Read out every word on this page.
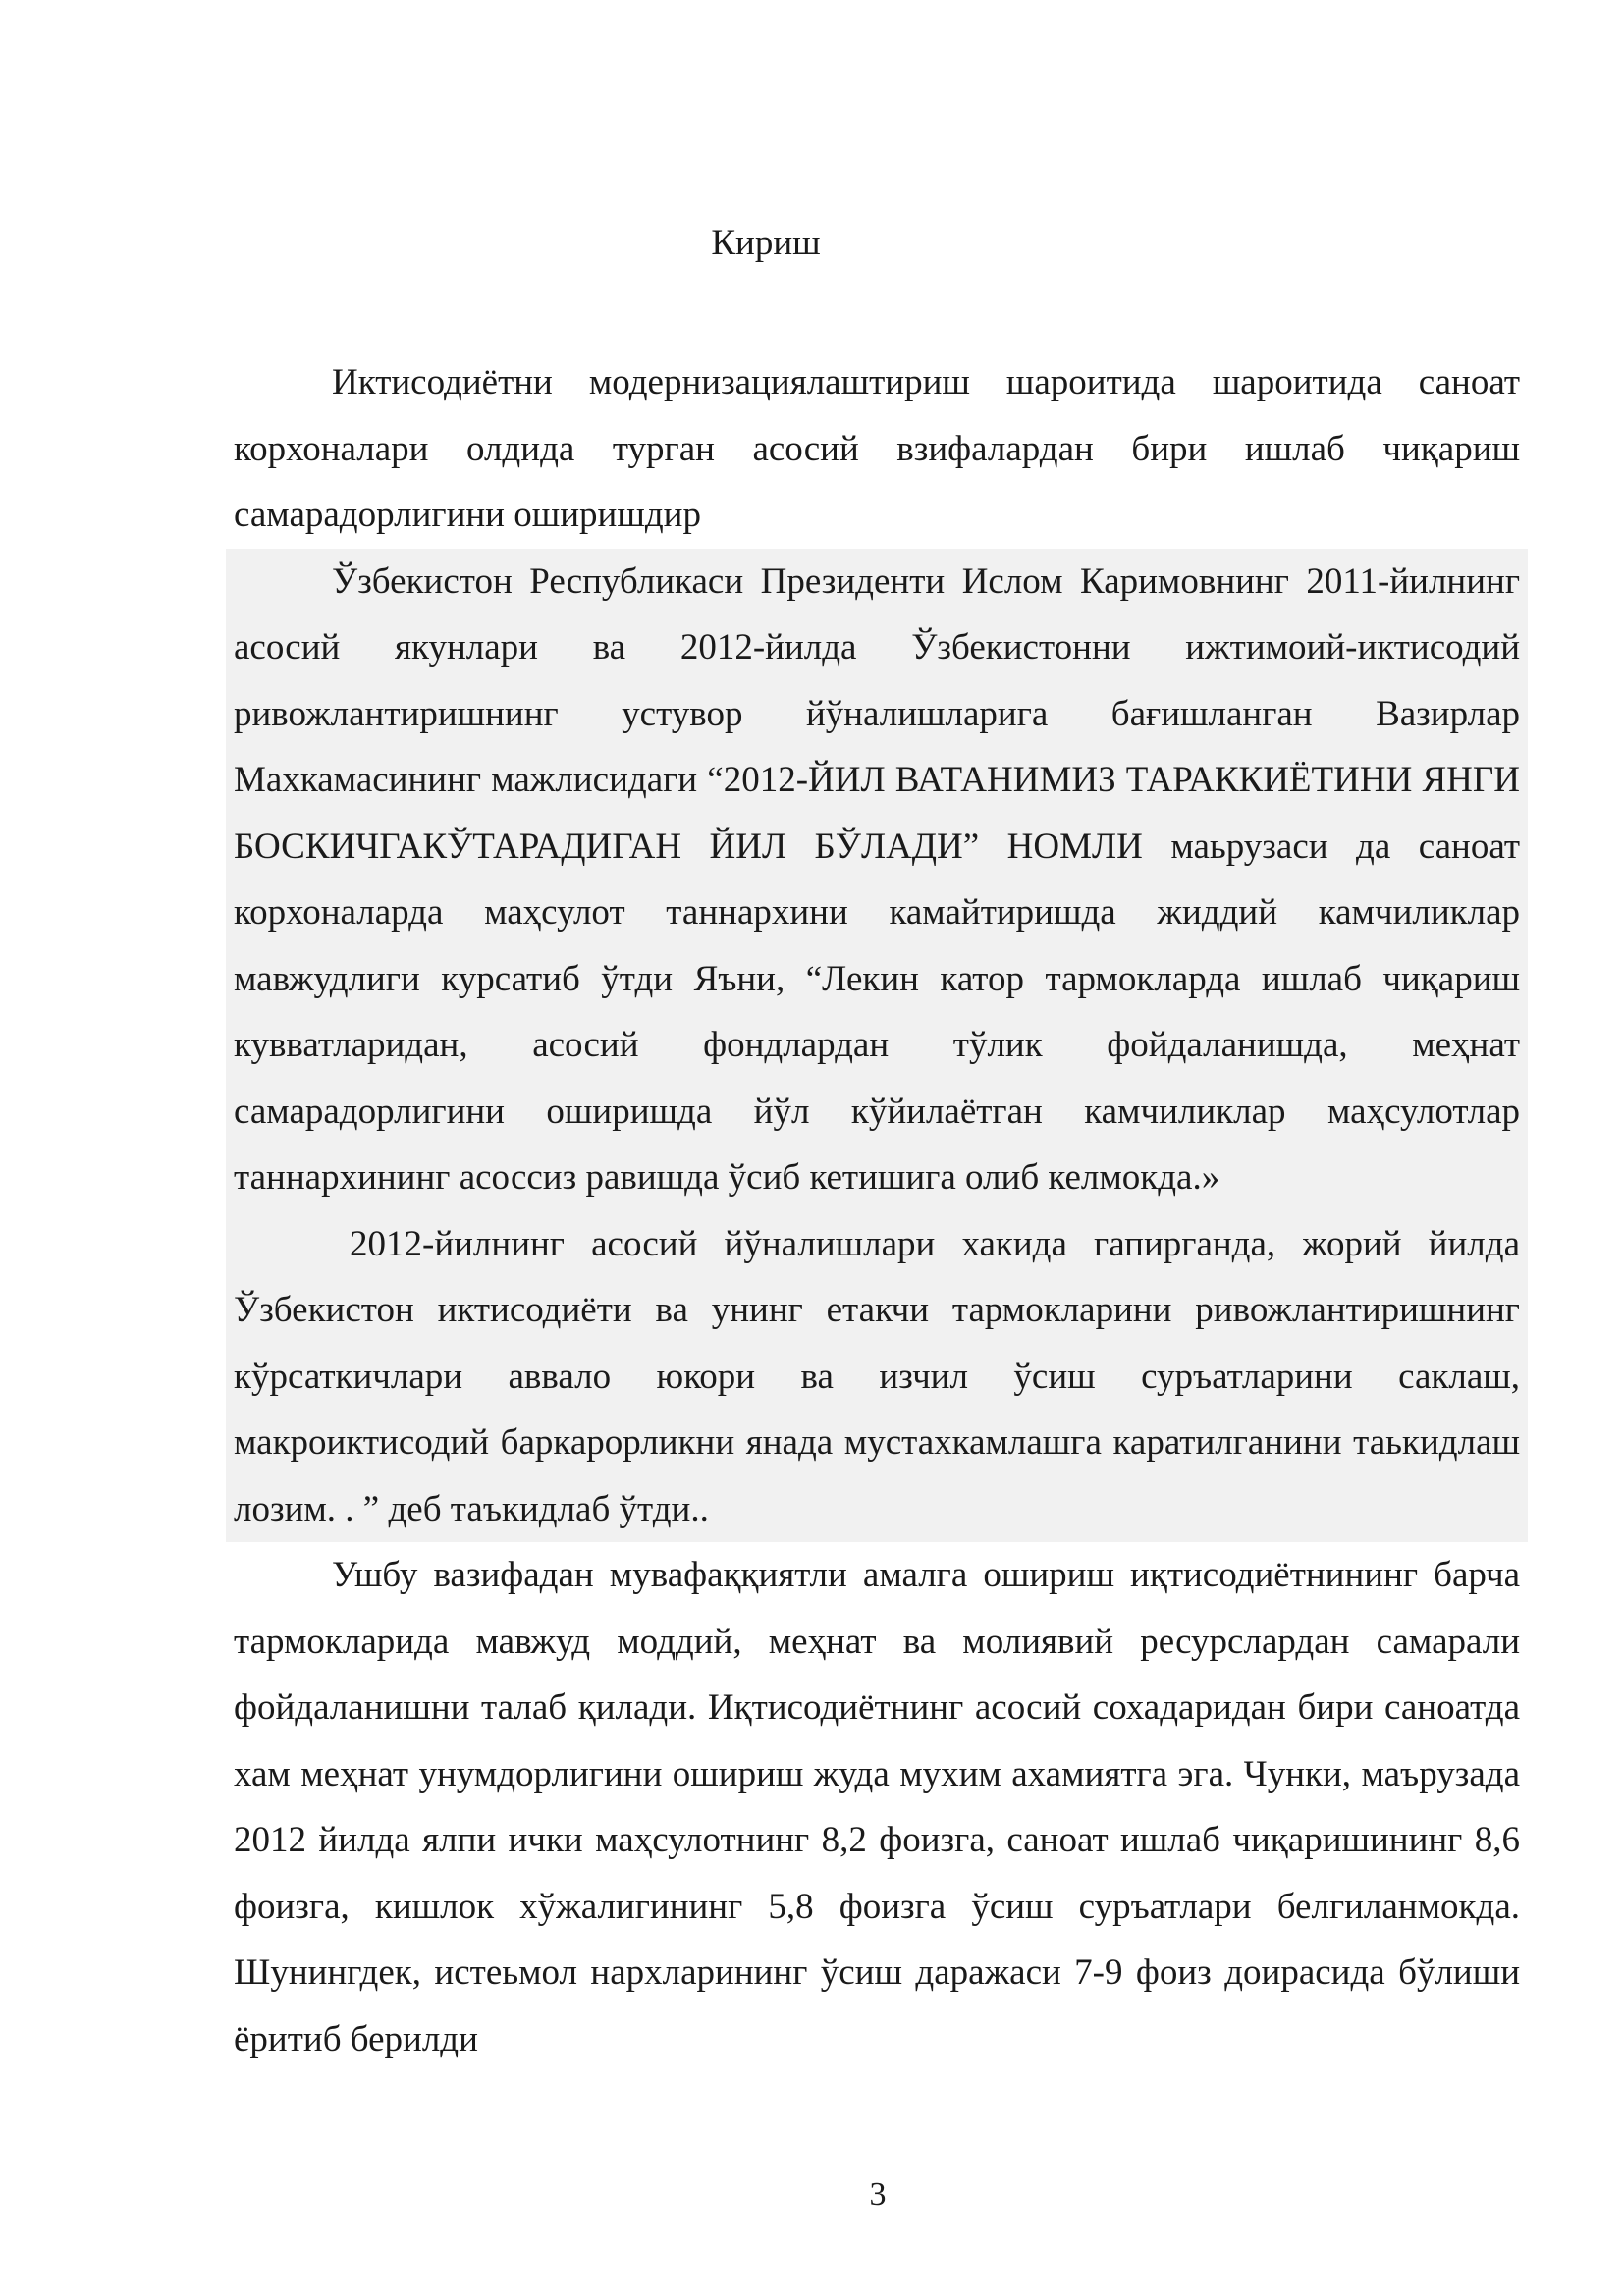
Кириш

Иктисодиётни модернизациялаштириш шароитида шароитида саноат корхоналари олдида турган асосий взифалардан бири ишлаб чиқариш самарадорлигини оширишдир

Ўзбекистон Республикаси Президенти Ислом Каримовнинг 2011-йилнинг асосий якунлари ва 2012-йилда Ўзбекистонни ижтимоий-иктисодий ривожлантиришнинг устувор йўналишларига бағишланган Вазирлар Махкамасининг мажлисидаги “2012-ЙИЛ ВАТАНИМИЗ ТАРАККИЁТИНИ ЯНГИ БОСКИЧГАКЎТАРАДИГАН ЙИЛ БЎЛАДИ” НОМЛИ маьрузаси да саноат корхоналарда маҳсулот таннархини камайтиришда жиддий камчиликлар мавжудлиги курсатиб ўтди Яъни, “Лекин катор тармокларда ишлаб чиқариш кувватларидан, асосий фондлардан тўлик фойдаланишда, меҳнат самарадорлигини оширишда йўл кўйилаётган камчиликлар маҳсулотлар таннархининг асоссиз равишда ўсиб кетишига олиб келмокда.»

2012-йилнинг асосий йўналишлари хакида гапирганда, жорий йилда Ўзбекистон иктисодиёти ва унинг етакчи тармокларини ривожлантиришнинг кўрсаткичлари аввало юкори ва изчил ўсиш суръатларини саклаш, макроиктисодий баркарорликни янада мустахкамлашга каратилганини таькидлаш лозим. . ” деб таъкидлаб ўтди..

Ушбу вазифадан мувафаққиятли амалга ошириш иқтисодиётнининг барча тармокларида мавжуд моддий, меҳнат ва молиявий ресурслардан самарали фойдаланишни талаб қилади. Иқтисодиётнинг асосий сохадаридан бири саноатда хам меҳнат унумдорлигини ошириш жуда мухим ахамиятга эга. Чунки, маърузада 2012 йилда ялпи ички маҳсулотнинг 8,2 фоизга, саноат ишлаб чиқаришининг 8,6 фоизга, кишлок хўжалигининг 5,8 фоизга ўсиш суръатлари белгиланмокда. Шунингдек, истеьмол нархларининг ўсиш даражаси 7-9 фоиз доирасида бўлиши ёритиб берилди

3
